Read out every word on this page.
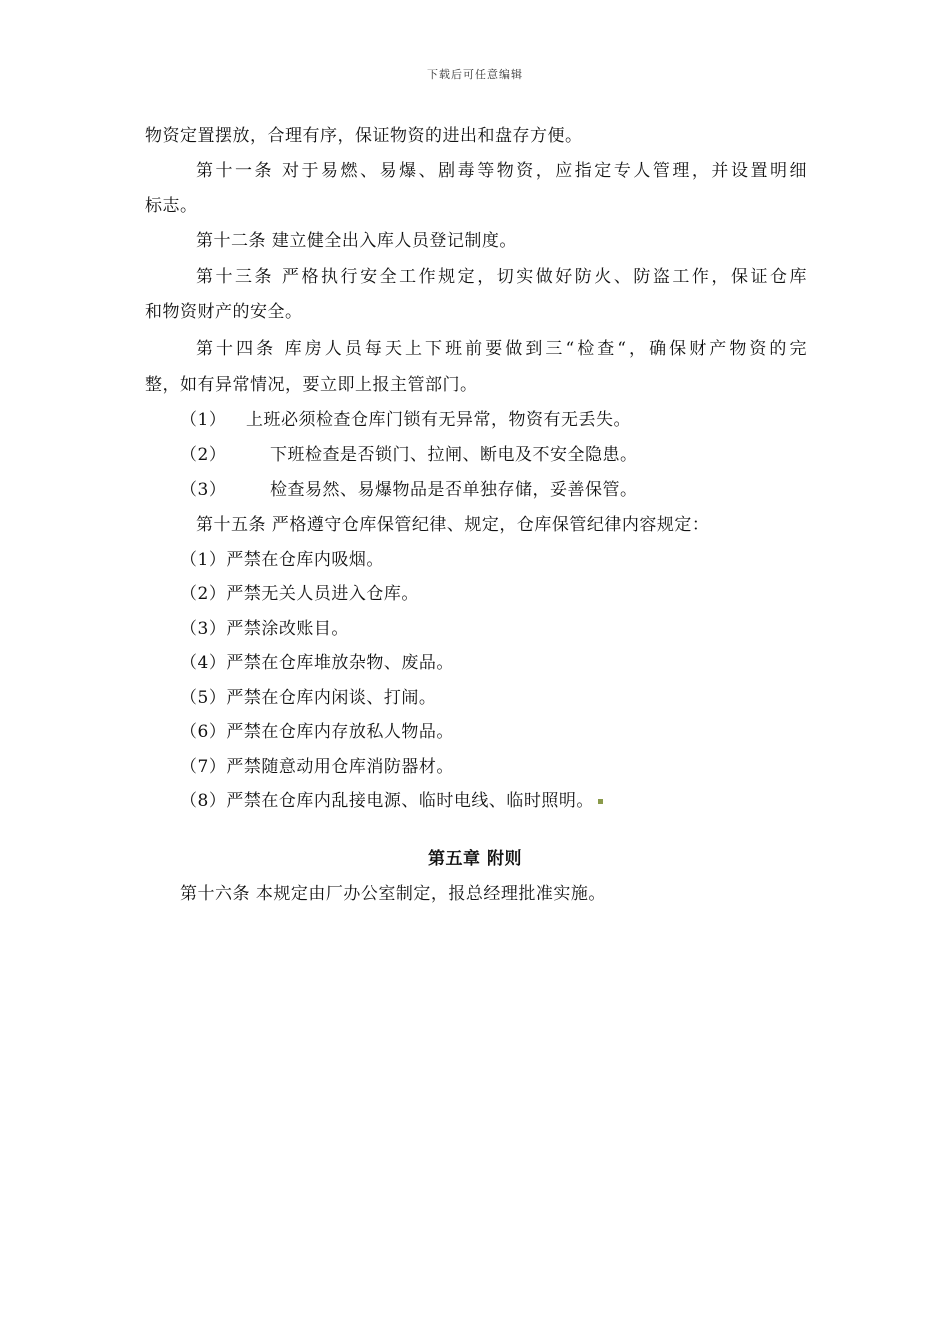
下载后可任意编辑
物资定置摆放，合理有序，保证物资的进出和盘存方便。
第十一条 对于易燃、易爆、剧毒等物资，应指定专人管理，并设置明细
标志。
第十二条 建立健全出入库人员登记制度。
第十三条 严格执行安全工作规定，切实做好防火、防盗工作，保证仓库
和物资财产的安全。
第十四条 库房人员每天上下班前要做到三“检查“，确保财产物资的完
整，如有异常情况，要立即上报主管部门。
（1） 上班必须检查仓库门锁有无异常，物资有无丢失。
（2）	下班检查是否锁门、拉闸、断电及不安全隐患。
（3）	检查易然、易爆物品是否单独存储，妥善保管。
第十五条 严格遵守仓库保管纪律、规定，仓库保管纪律内容规定：
（1）严禁在仓库内吸烟。
（2）严禁无关人员进入仓库。
（3）严禁涂改账目。
（4）严禁在仓库堆放杂物、废品。
（5）严禁在仓库内闲谈、打闹。
（6）严禁在仓库内存放私人物品。
（7）严禁随意动用仓库消防器材。
（8）严禁在仓库内乱接电源、临时电线、临时照明。
第五章 附则
第十六条 本规定由厂办公室制定，报总经理批准实施。
